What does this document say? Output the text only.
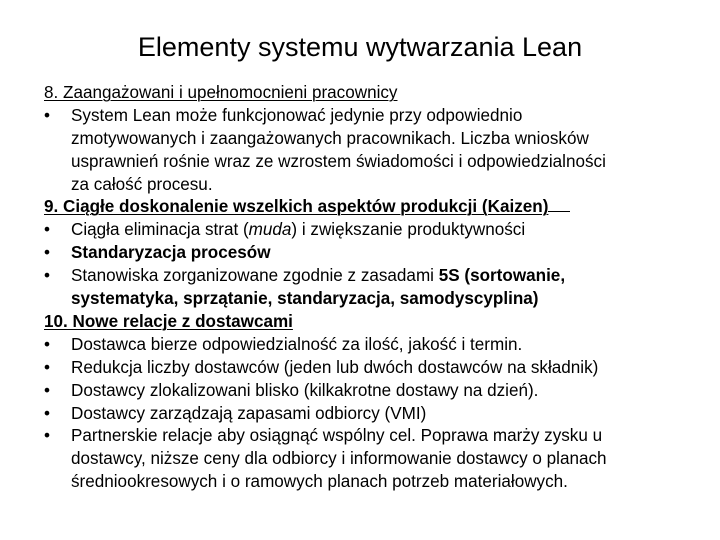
Elementy systemu wytwarzania Lean
8. Zaangażowani i upełnomocnieni pracownicy
•	System Lean może funkcjonować jedynie przy odpowiednio
zmotywowanych i zaangażowanych pracownikach. Liczba wniosków
usprawnień rośnie wraz ze wzrostem świadomości i odpowiedzialności
za całość procesu.
9. Ciągłe doskonalenie wszelkich aspektów produkcji (Kaizen)
•	Ciągła eliminacja strat (muda) i zwiększanie produktywności
•	Standaryzacja procesów
•	Stanowiska zorganizowane zgodnie z zasadami 5S (sortowanie,
systematyka, sprzątanie, standaryzacja, samodyscyplina)
10. Nowe relacje z dostawcami
•	Dostawca bierze odpowiedzialność za ilość, jakość i termin.
•	Redukcja liczby dostawców (jeden lub dwóch dostawców na składnik)
•	Dostawcy zlokalizowani blisko (kilkakrotne dostawy na dzień).
•	Dostawcy zarządzają zapasami odbiorcy (VMI)
•	Partnerskie relacje aby osiągnąć wspólny cel. Poprawa marży zysku u
dostawcy, niższe ceny dla odbiorcy i informowanie dostawcy o planach
średniookresowych i o ramowych planach potrzeb materiałowych.
